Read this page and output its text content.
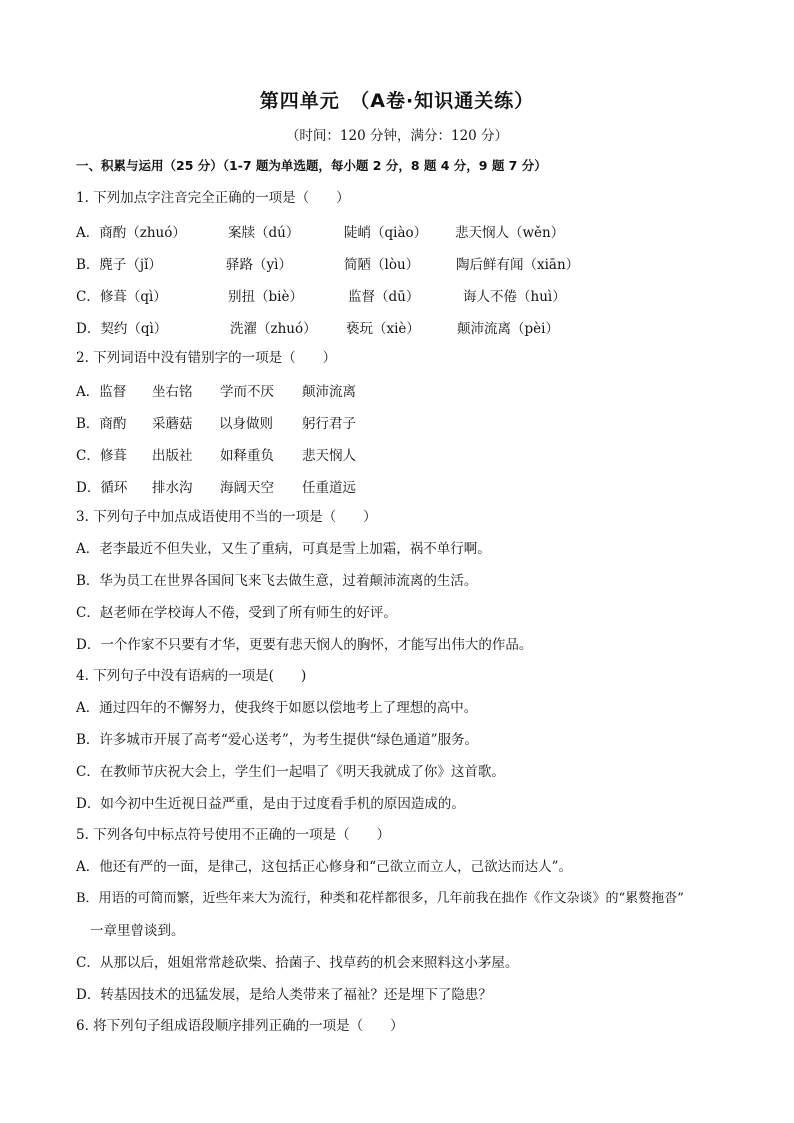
第四单元　（A卷·知识通关练）
（时间：120 分钟，满分：120 分）
一、积累与运用（25 分）（1-7 题为单选题，每小题 2 分，8 题 4 分，9 题 7 分）
1. 下列加点字注音完全正确的一项是（　　）
A．商酌（zhuó）	案牍（dú）	陡峭（qiào） 悲天悯人（wěn）
B．麂子（jǐ）	驿路（yì）	简陋（lòu）	陶后鲜有闻（xiān）
C．修葺（qì）	别扭（biè）	监督（dū）	诲人不倦（huì）
D．契约（qì）	洗濯（zhuó） 亵玩（xiè）	颠沛流离（pèi）
2. 下列词语中没有错别字的一项是（　　）
A．监督 坐右铭 学而不厌 颠沛流离
B．商酌 采蘑菇 以身做则 躬行君子
C．修葺 出版社 如释重负 悲天悯人
D．循环 排水沟 海阔天空 任重道远
3. 下列句子中加点成语使用不当的一项是（　　）
A．老李最近不但失业，又生了重病，可真是雪上加霜，祸不单行啊。
B．华为员工在世界各国间飞来飞去做生意，过着颠沛流离的生活。
C．赵老师在学校诲人不倦，受到了所有师生的好评。
D．一个作家不只要有才华，更要有悲天悯人的胸怀，才能写出伟大的作品。
4. 下列句子中没有语病的一项是(　　)
A．通过四年的不懈努力，使我终于如愿以偿地考上了理想的高中。
B．许多城市开展了高考“爱心送考”，为考生提供“绿色通道”服务。
C．在教师节庆祝大会上，学生们一起唱了《明天我就成了你》这首歌。
D．如今初中生近视日益严重，是由于过度看手机的原因造成的。
5. 下列各句中标点符号使用不正确的一项是（　　）
A．他还有严的一面，是律己，这包括正心修身和“己欲立而立人，己欲达而达人”。
B．用语的可简而繁，近些年来大为流行，种类和花样都很多，几年前我在拙作《作文杂谈》的“累赘拖沓”
一章里曾谈到。
C．从那以后，姐姐常常趁砍柴、拾菌子、找草药的机会来照料这小茅屋。
D．转基因技术的迅猛发展，是给人类带来了福祉？还是埋下了隐患？
6. 将下列句子组成语段顺序排列正确的一项是（　　）
